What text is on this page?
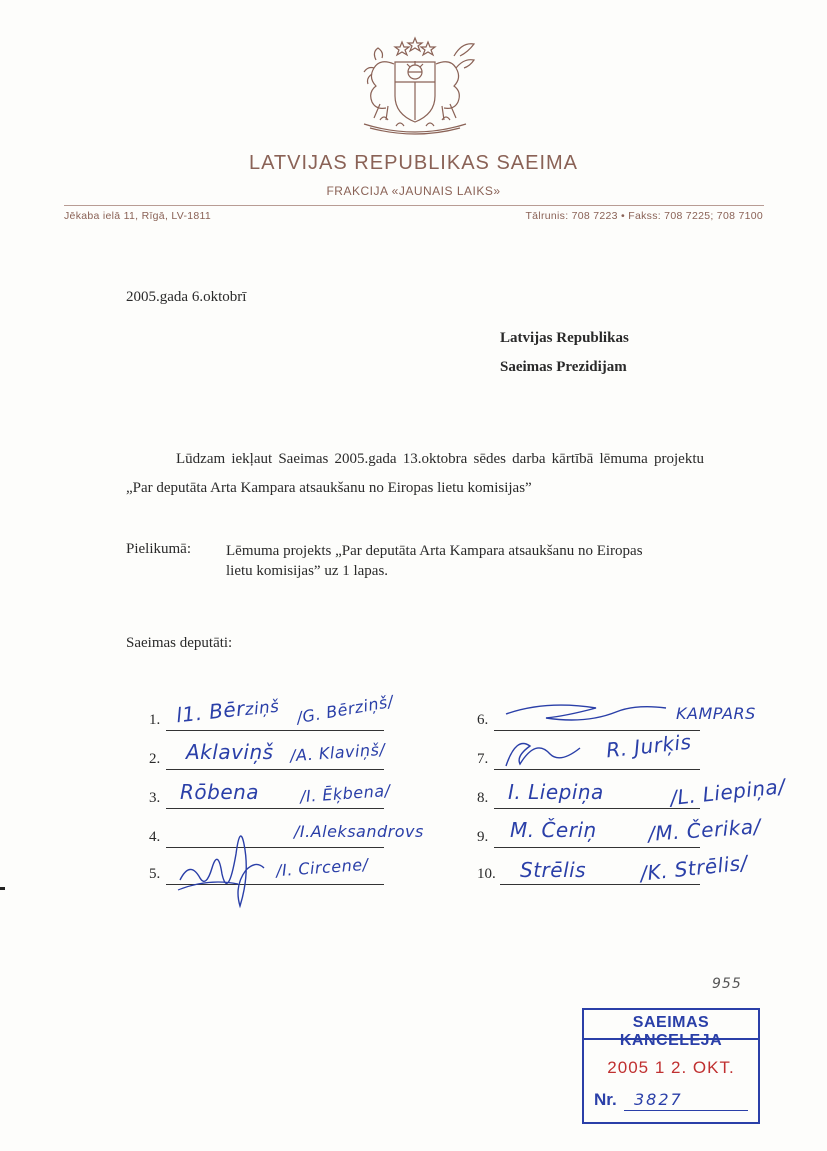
LATVIJAS REPUBLIKAS SAEIMA
FRAKCIJA «JAUNAIS LAIKS»
Jēkaba ielā 11, Rīgā, LV-1811	Tālrunis: 708 7223 • Fakss: 708 7225; 708 7100
2005.gada 6.oktobrī
Latvijas Republikas
Saeimas Prezidijam
Lūdzam iekļaut Saeimas 2005.gada 13.oktobra sēdes darba kārtībā lēmuma projektu „Par deputāta Arta Kampara atsaukšanu no Eiropas lietu komisijas”
Pielikumā: Lēmuma projekts „Par deputāta Arta Kampara atsaukšanu no Eiropas lietu komisijas” uz 1 lapas.
Saeimas deputāti:
1. l1. Bērziņš /G. Bērziņš/
2. Aklaviņš /A. Klaviņš/
3. Rōbena	/I. Ēķbena/
4.	/I.Aleksandrovs
5.	/I. Circene/
6.	KAMPARS
7.	R. Jurķis
8. I. Liepiņa	/L. Liepiņa/
9. M. Čeriņ	/M. Čerika/
10. Strēlis	/K. Strēlis/
955
SAEIMAS KANCELEJA
2005 1 2. OKT.
Nr. 3827
